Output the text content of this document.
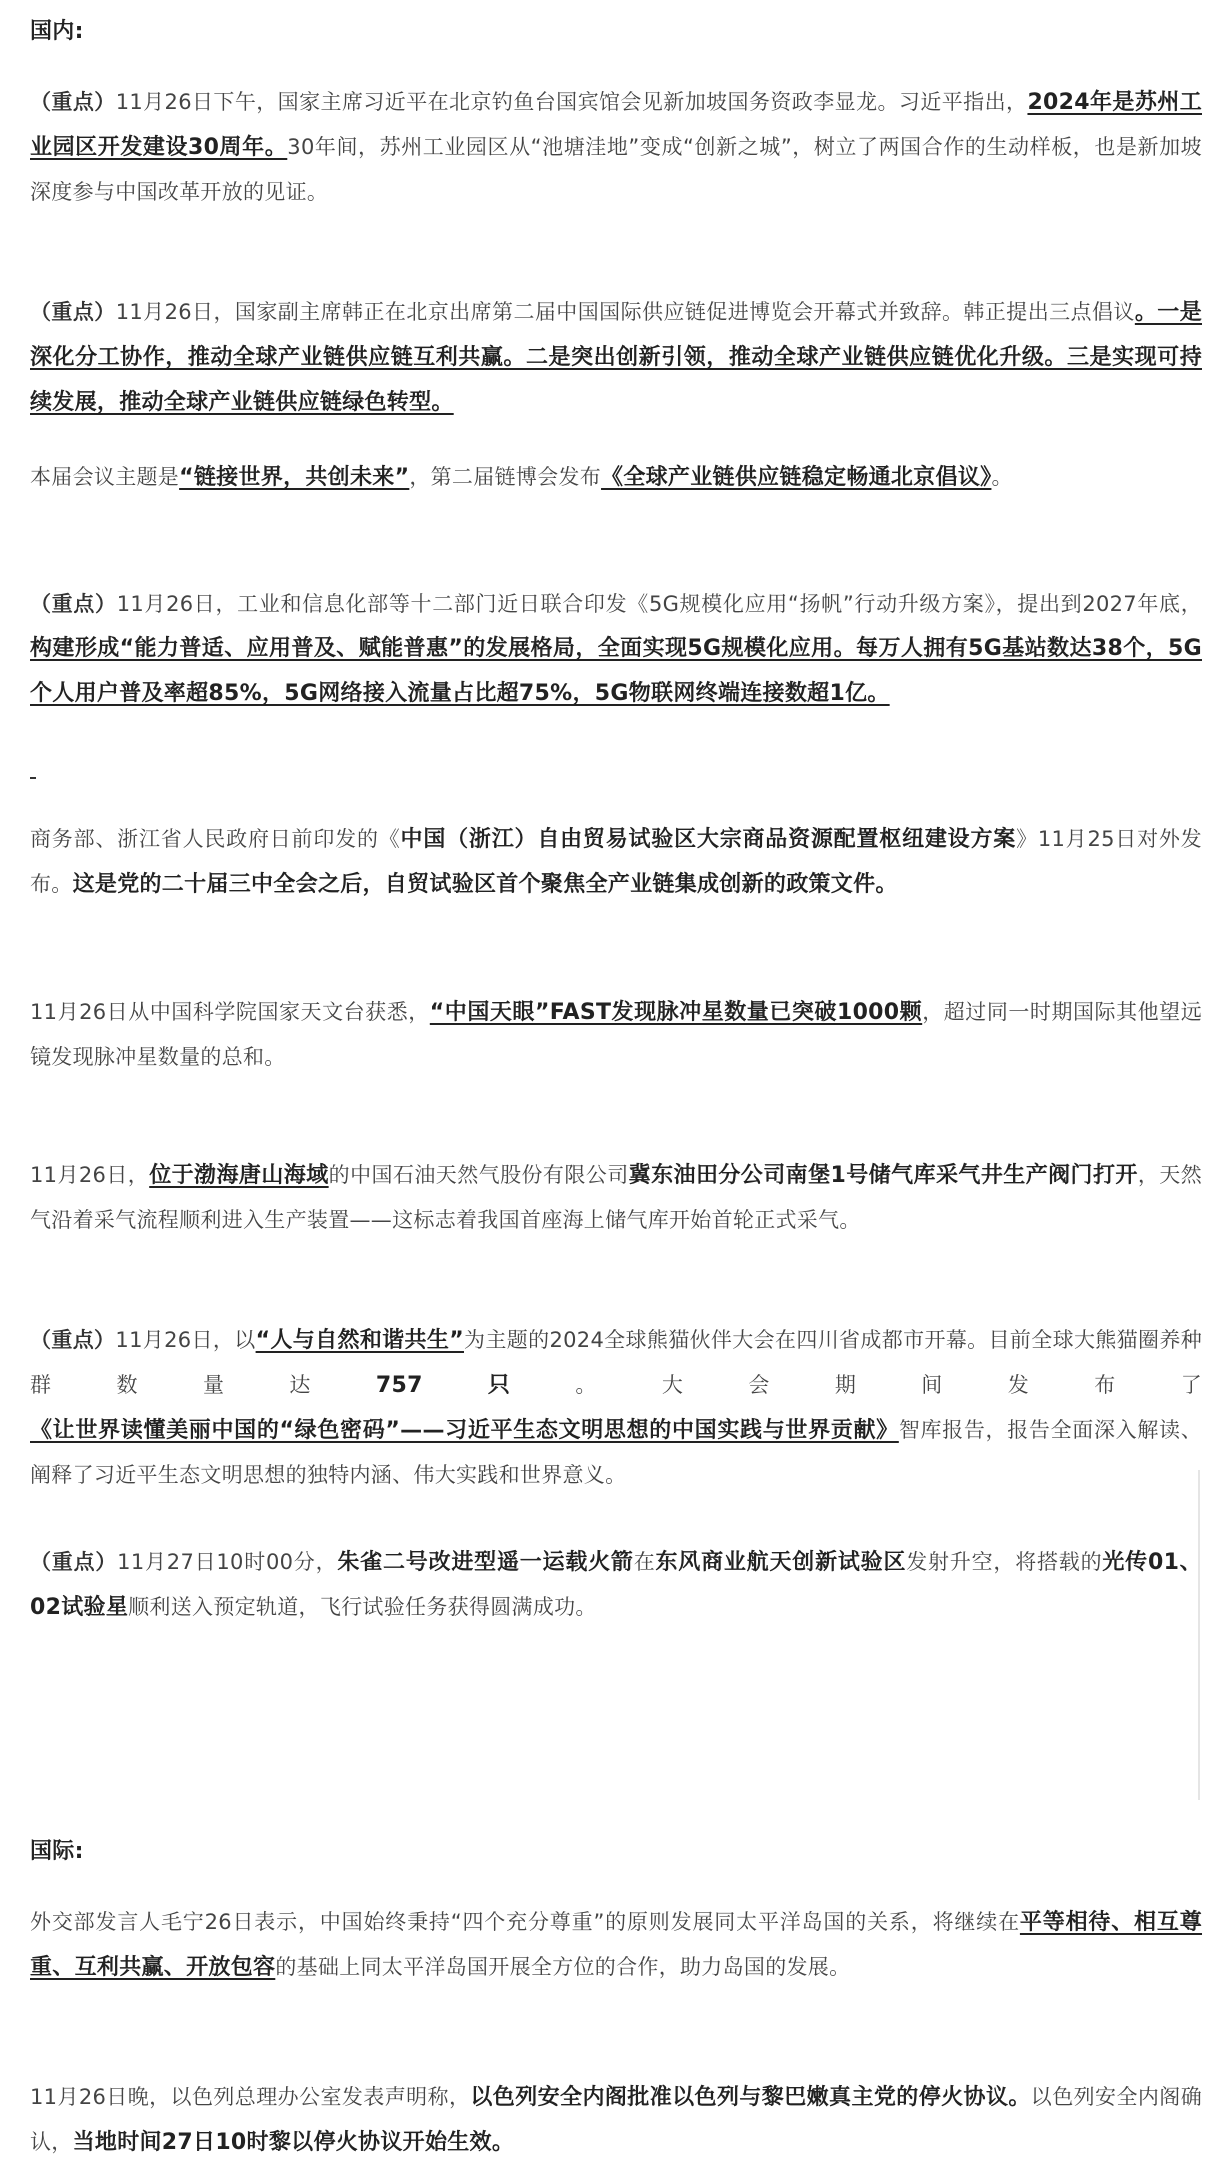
国内:

（重点）11月26日下午，国家主席习近平在北京钓鱼台国宾馆会见新加坡国务资政李显龙。习近平指出，2024年是苏州工业园区开发建设30周年。30年间，苏州工业园区从“池塘洼地”变成“创新之城”，树立了两国合作的生动样板，也是新加坡深度参与中国改革开放的见证。

（重点）11月26日，国家副主席韩正在北京出席第二届中国国际供应链促进博览会开幕式并致辞。韩正提出三点倡议。一是深化分工协作，推动全球产业链供应链互利共赢。二是突出创新引领，推动全球产业链供应链优化升级。三是实现可持续发展，推动全球产业链供应链绿色转型。

本届会议主题是“链接世界，共创未来”，第二届链博会发布《全球产业链供应链稳定畅通北京倡议》。

（重点）11月26日，工业和信息化部等十二部门近日联合印发《5G规模化应用“扬帆”行动升级方案》，提出到2027年底，构建形成“能力普适、应用普及、赋能普惠”的发展格局，全面实现5G规模化应用。每万人拥有5G基站数达38个，5G个人用户普及率超85%，5G网络接入流量占比超75%，5G物联网终端连接数超1亿。

商务部、浙江省人民政府日前印发的《中国（浙江）自由贸易试验区大宗商品资源配置枢纽建设方案》11月25日对外发布。这是党的二十届三中全会之后，自贸试验区首个聚焦全产业链集成创新的政策文件。

11月26日从中国科学院国家天文台获悉，“中国天眼”FAST发现脉冲星数量已突破1000颗，超过同一时期国际其他望远镜发现脉冲星数量的总和。

11月26日，位于渤海唐山海域的中国石油天然气股份有限公司冀东油田分公司南堡1号储气库采气井生产阀门打开，天然气沿着采气流程顺利进入生产装置——这标志着我国首座海上储气库开始首轮正式采气。

（重点）11月26日，以“人与自然和谐共生”为主题的2024全球熊猫伙伴大会在四川省成都市开幕。目前全球大熊猫圈养种群数量达757只。大会期间发布了《让世界读懂美丽中国的“绿色密码”——习近平生态文明思想的中国实践与世界贡献》智库报告，报告全面深入解读、阐释了习近平生态文明思想的独特内涵、伟大实践和世界意义。

（重点）11月27日10时00分，朱雀二号改进型遥一运载火箭在东风商业航天创新试验区发射升空，将搭载的光传01、02试验星顺利送入预定轨道，飞行试验任务获得圆满成功。

国际:

外交部发言人毛宁26日表示，中国始终秉持“四个充分尊重”的原则发展同太平洋岛国的关系，将继续在平等相待、相互尊重、互利共赢、开放包容的基础上同太平洋岛国开展全方位的合作，助力岛国的发展。

11月26日晚，以色列总理办公室发表声明称，以色列安全内阁批准以色列与黎巴嫩真主党的停火协议。以色列安全内阁确认，当地时间27日10时黎以停火协议开始生效。
